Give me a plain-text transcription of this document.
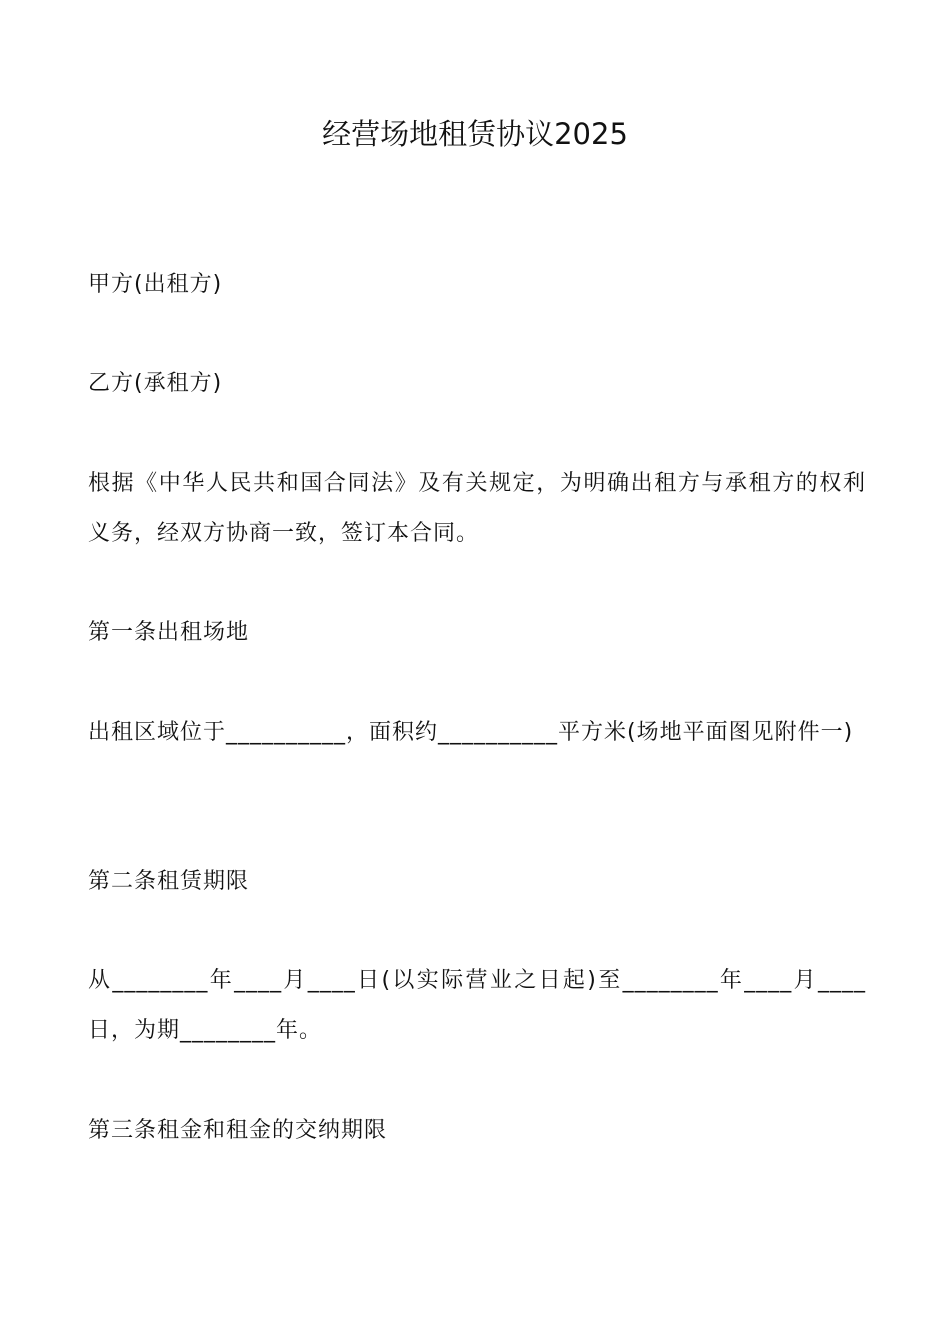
经营场地租赁协议2025

甲方(出租方)

乙方(承租方)

根据《中华人民共和国合同法》及有关规定，为明确出租方与承租方的权利义务，经双方协商一致，签订本合同。

第一条出租场地

出租区域位于__________，面积约__________平方米(场地平面图见附件一)

第二条租赁期限

从________年____月____日(以实际营业之日起)至________年____月____日，为期________年。

第三条租金和租金的交纳期限
